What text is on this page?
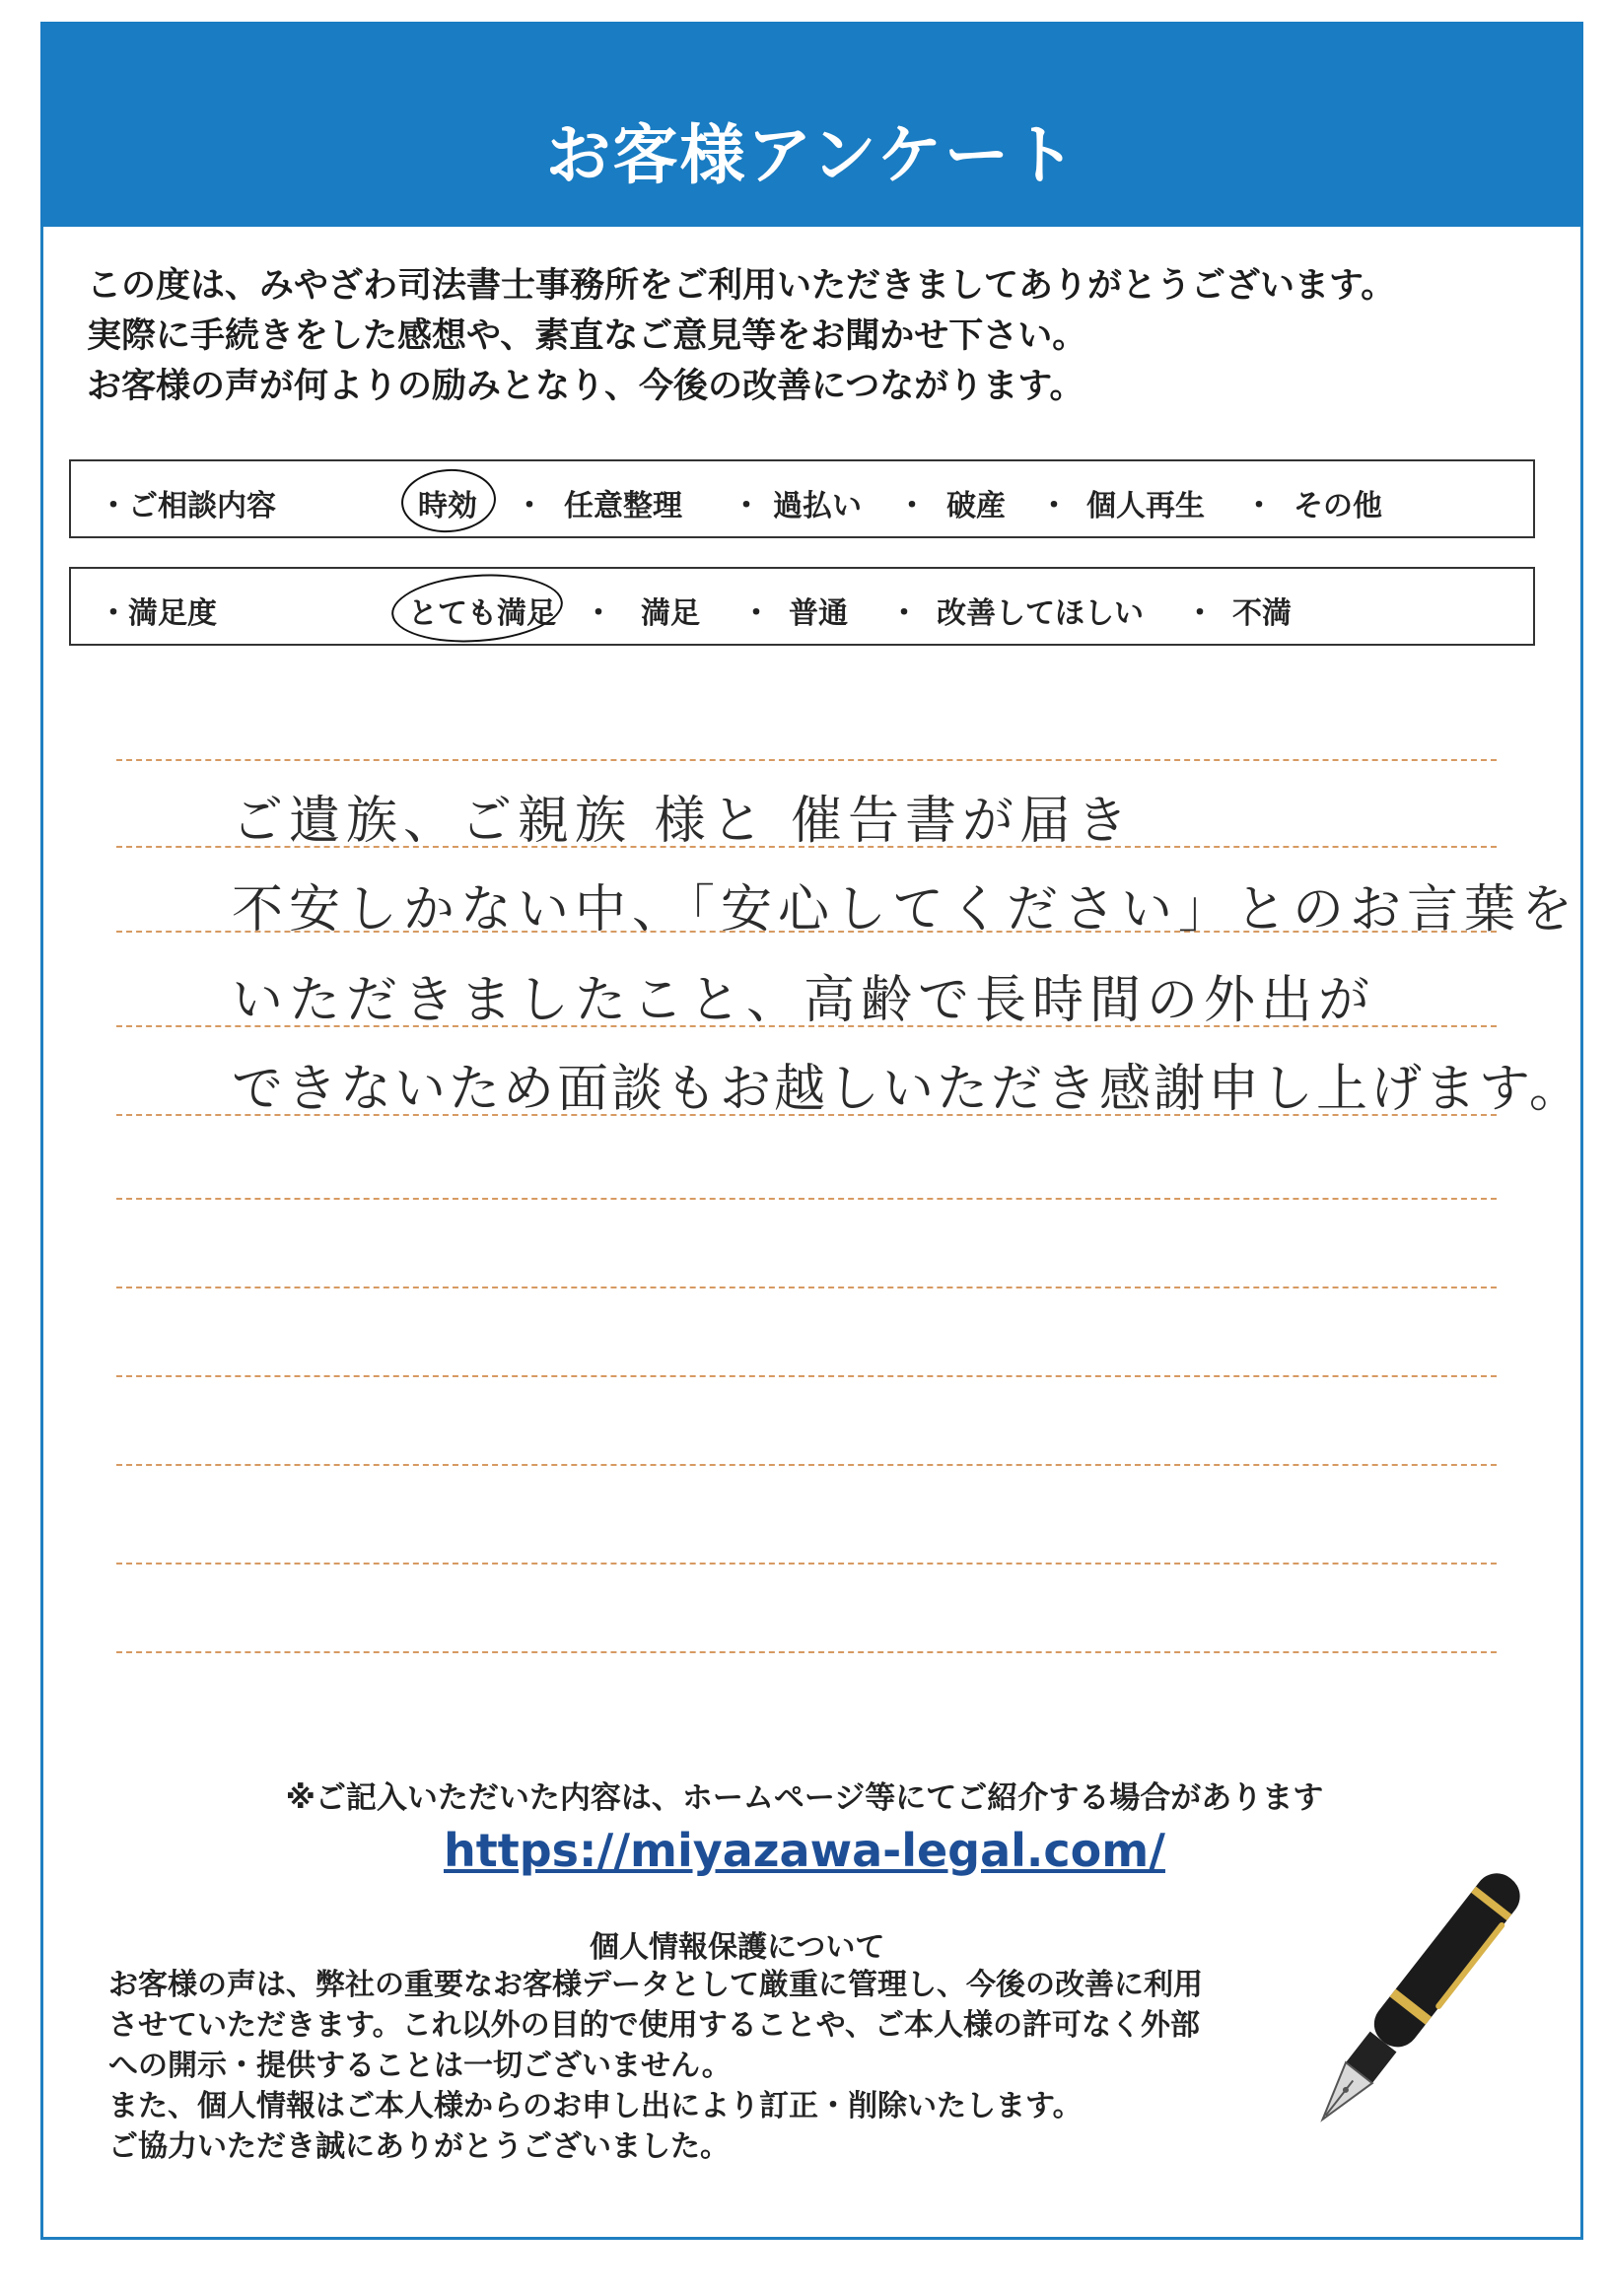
お客様アンケート
この度は、みやざわ司法書士事務所をご利用いただきましてありがとうございます。
実際に手続きをした感想や、素直なご意見等をお聞かせ下さい。
お客様の声が何よりの励みとなり、今後の改善につながります。
・ご相談内容	時効 ・ 任意整理 ・ 過払い ・ 破産 ・ 個人再生 ・ その他
・満足度	とても満足 ・ 満足 ・ 普通 ・ 改善してほしい ・ 不満
ご遺族、ご親族 様と 催告書が届き
不安しかない中、「安心してください」とのお言葉を
いただきましたこと、高齢で長時間の外出が
できないため面談もお越しいただき感謝申し上げます。
※ご記入いただいた内容は、ホームページ等にてご紹介する場合があります
https://miyazawa-legal.com/
個人情報保護について
お客様の声は、弊社の重要なお客様データとして厳重に管理し、今後の改善に利用
させていただきます。これ以外の目的で使用することや、ご本人様の許可なく外部
への開示・提供することは一切ございません。
また、個人情報はご本人様からのお申し出により訂正・削除いたします。
ご協力いただき誠にありがとうございました。
